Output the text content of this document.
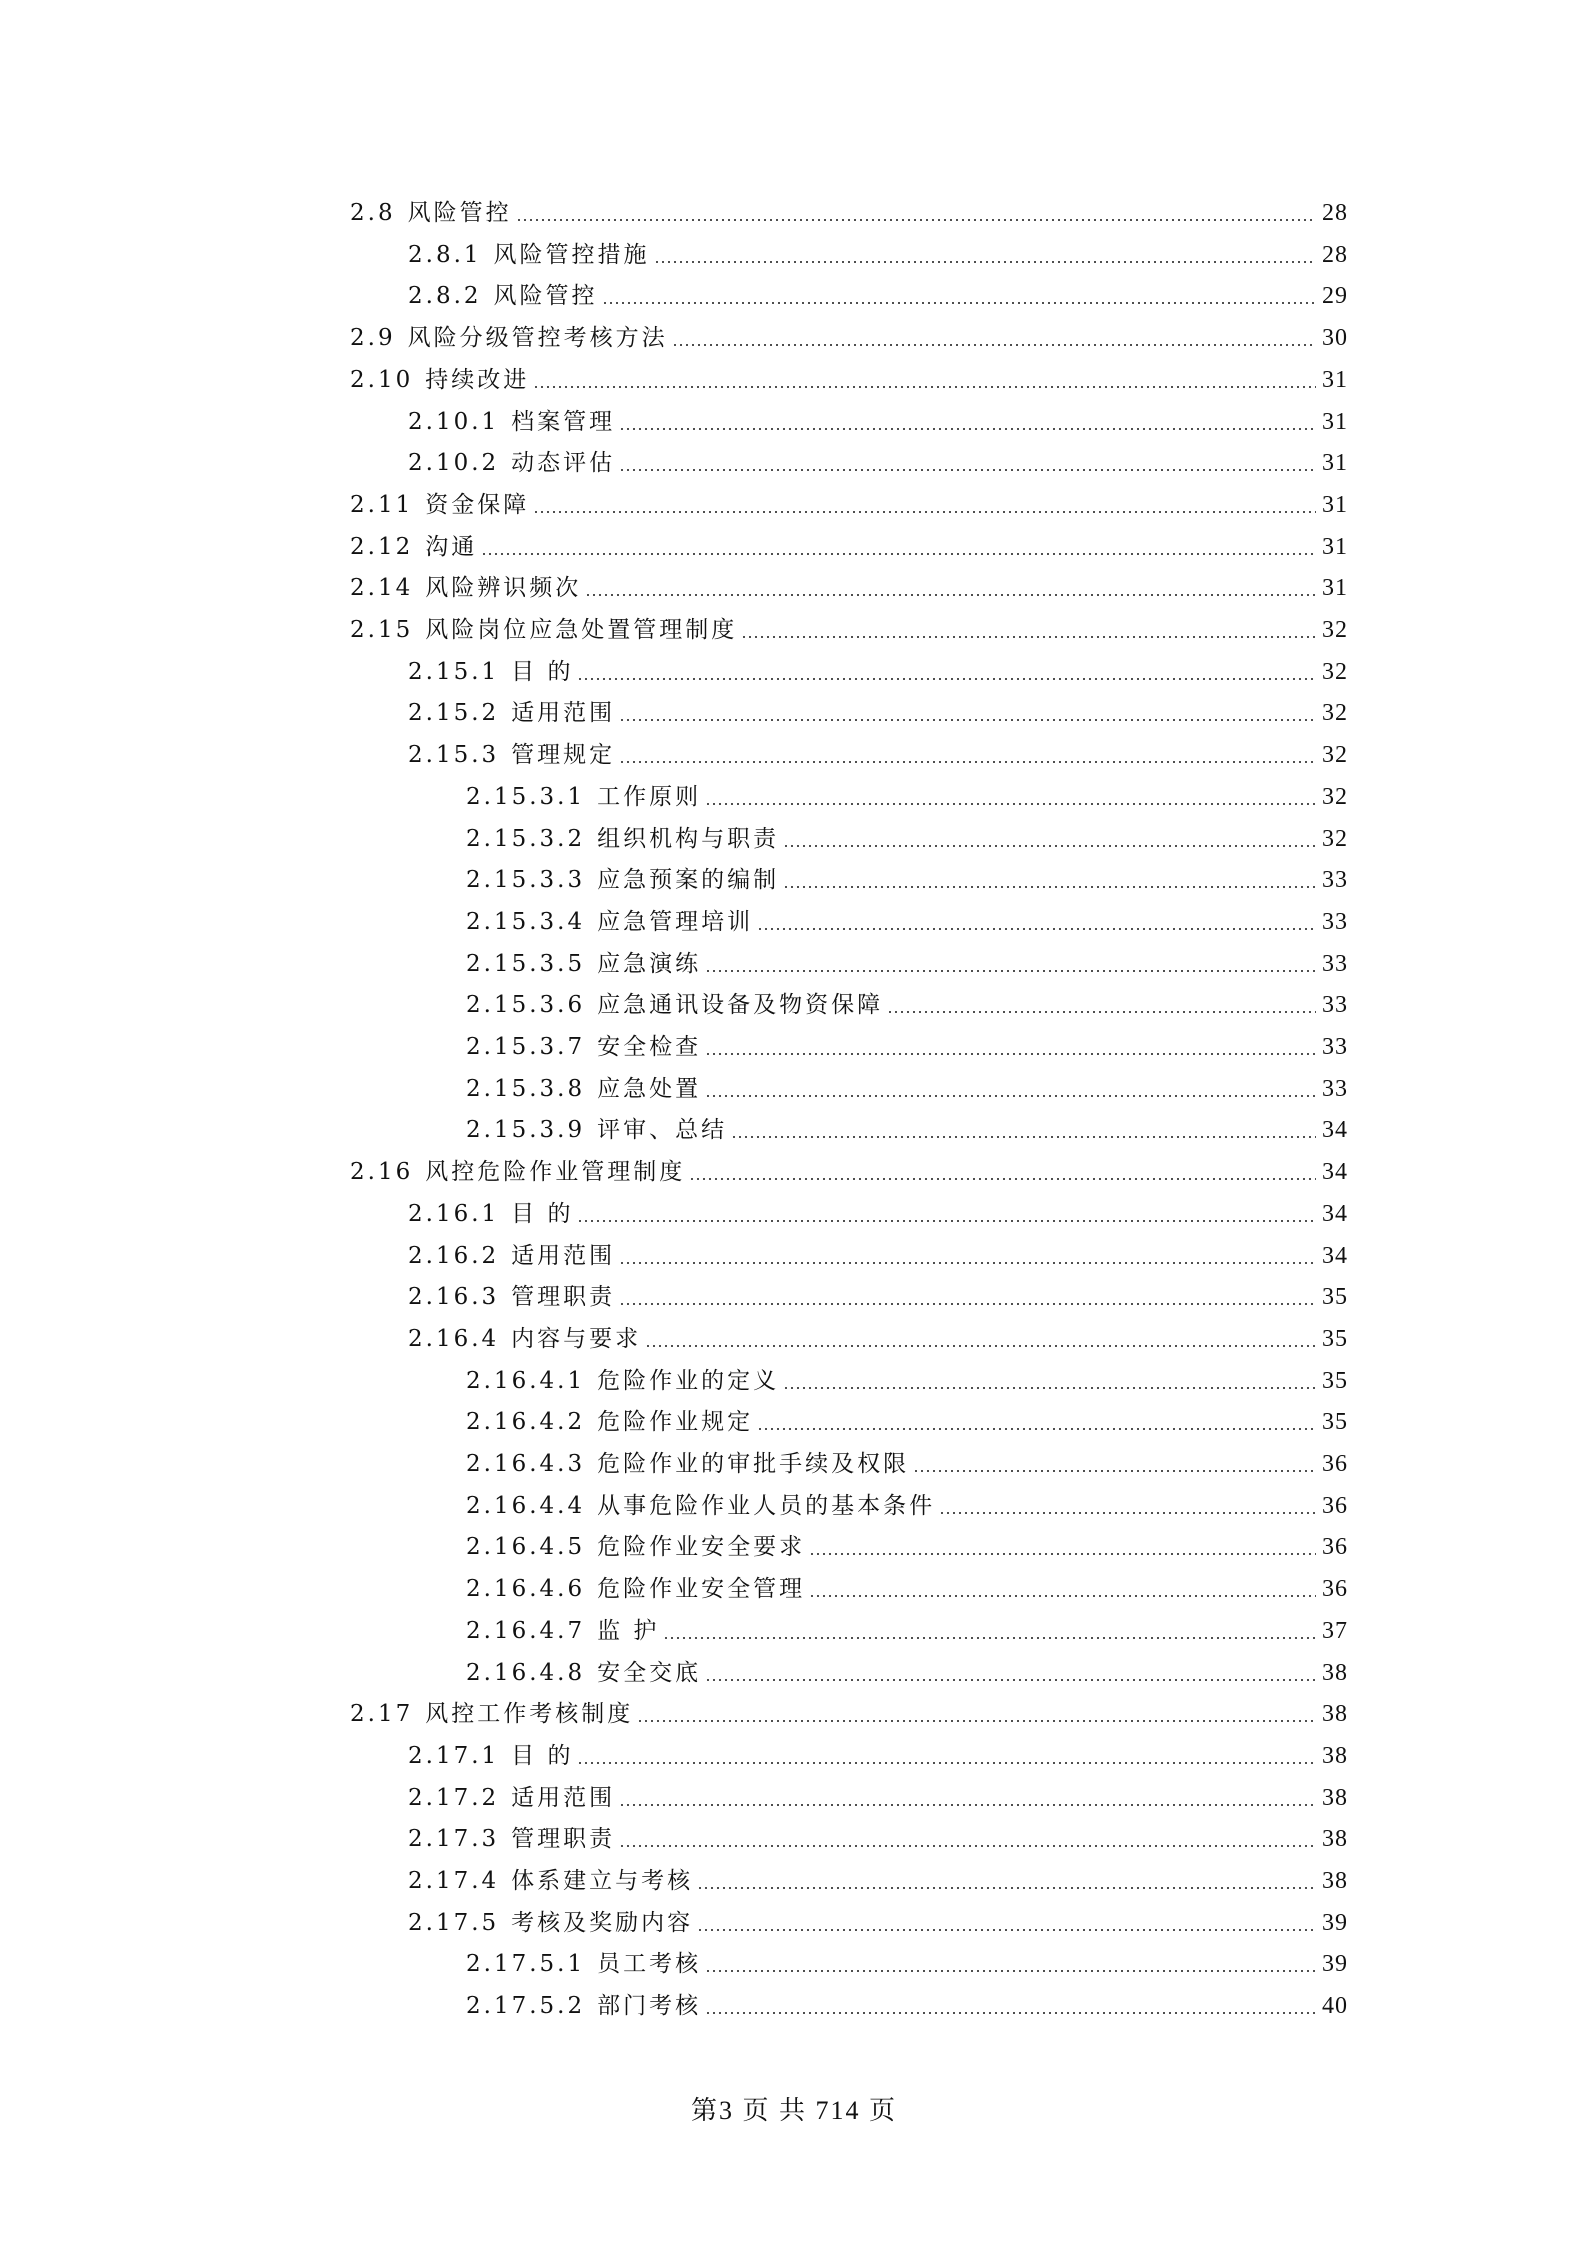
2.8 风险管控	28
2.8.1 风险管控措施	28
2.8.2 风险管控	29
2.9 风险分级管控考核方法	30
2.10 持续改进	31
2.10.1 档案管理	31
2.10.2 动态评估	31
2.11 资金保障	31
2.12 沟通	31
2.14 风险辨识频次	31
2.15 风险岗位应急处置管理制度	32
2.15.1 目 的	32
2.15.2 适用范围	32
2.15.3 管理规定	32
2.15.3.1 工作原则	32
2.15.3.2 组织机构与职责	32
2.15.3.3 应急预案的编制	33
2.15.3.4 应急管理培训	33
2.15.3.5 应急演练	33
2.15.3.6 应急通讯设备及物资保障	33
2.15.3.7 安全检查	33
2.15.3.8 应急处置	33
2.15.3.9 评审、总结	34
2.16 风控危险作业管理制度	34
2.16.1 目 的	34
2.16.2 适用范围	34
2.16.3 管理职责	35
2.16.4 内容与要求	35
2.16.4.1 危险作业的定义	35
2.16.4.2 危险作业规定	35
2.16.4.3 危险作业的审批手续及权限	36
2.16.4.4 从事危险作业人员的基本条件	36
2.16.4.5 危险作业安全要求	36
2.16.4.6 危险作业安全管理	36
2.16.4.7 监 护	37
2.16.4.8 安全交底	38
2.17 风控工作考核制度	38
2.17.1 目 的	38
2.17.2 适用范围	38
2.17.3 管理职责	38
2.17.4 体系建立与考核	38
2.17.5 考核及奖励内容	39
2.17.5.1 员工考核	39
2.17.5.2 部门考核	40
第3 页 共 714 页
